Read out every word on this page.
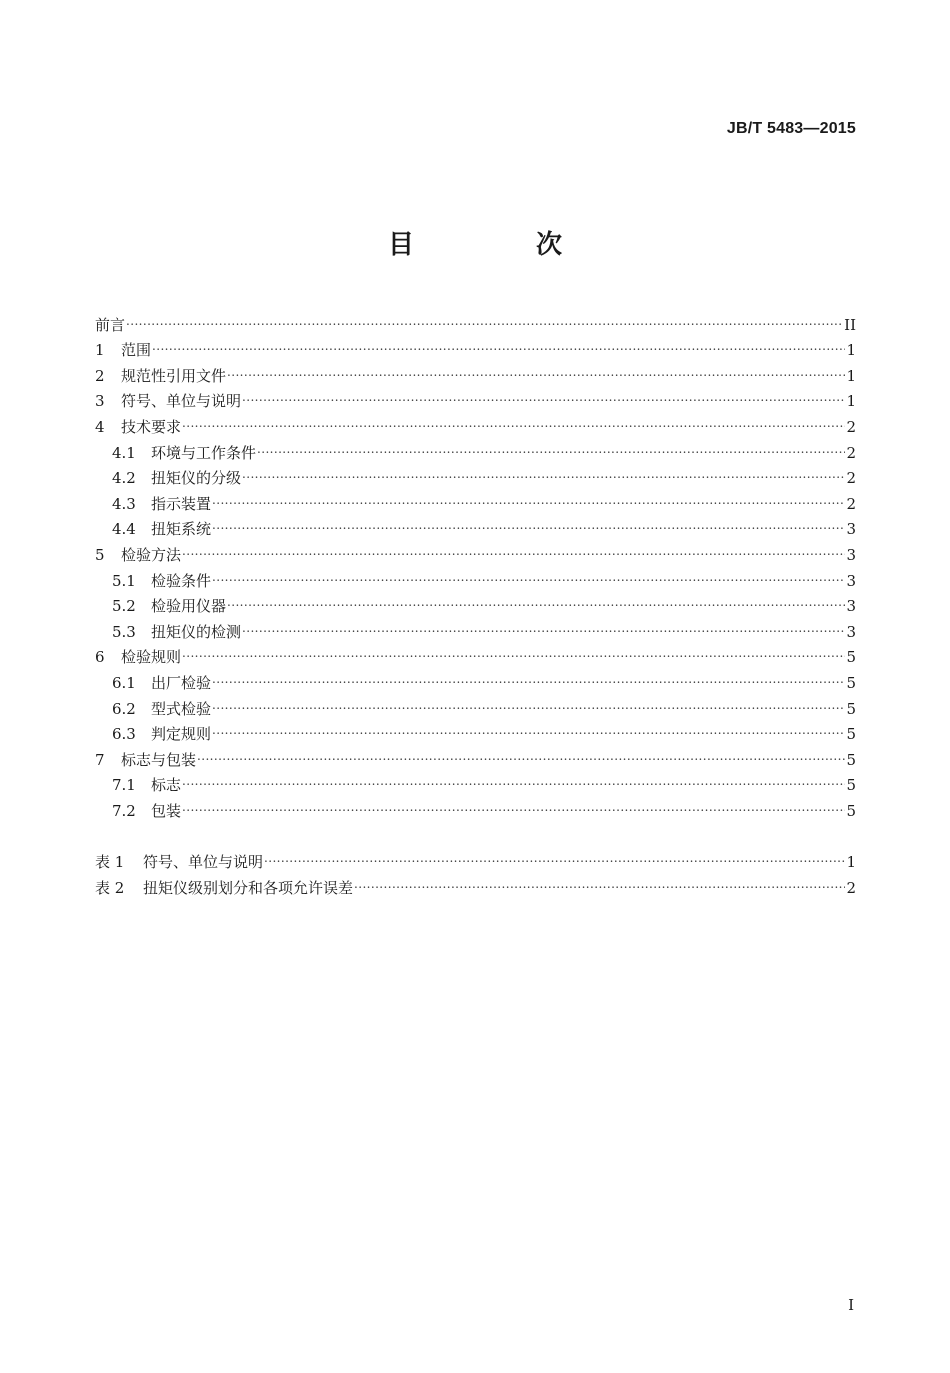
JB/T 5483—2015
目　次
前言 .....	II
1	范围 .....	1
2	规范性引用文件 .....	1
3	符号、单位与说明 .....	1
4	技术要求 .....	2
4.1	环境与工作条件 .....	2
4.2	扭矩仪的分级 .....	2
4.3	指示装置 .....	2
4.4	扭矩系统 .....	3
5	检验方法 .....	3
5.1	检验条件 .....	3
5.2	检验用仪器 .....	3
5.3	扭矩仪的检测 .....	3
6	检验规则 .....	5
6.1	出厂检验 .....	5
6.2	型式检验 .....	5
6.3	判定规则 .....	5
7	标志与包装 .....	5
7.1	标志 .....	5
7.2	包装 .....	5
表 1	符号、单位与说明 .....	1
表 2	扭矩仪级别划分和各项允许误差 .....	2
I
